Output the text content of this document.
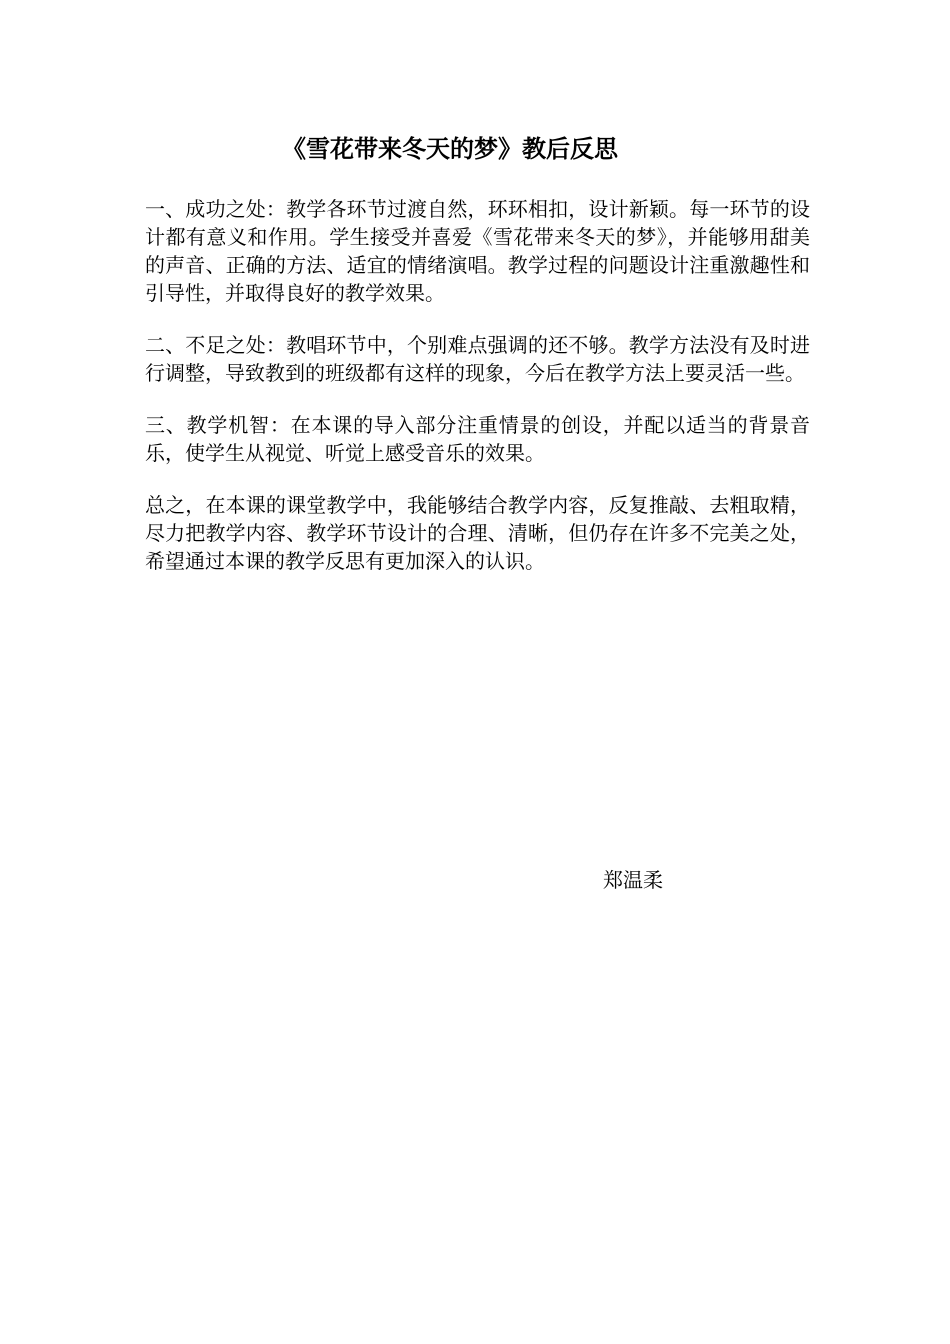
《雪花带来冬天的梦》教后反思

一、成功之处：教学各环节过渡自然，环环相扣，设计新颖。每一环节的设计都有意义和作用。学生接受并喜爱《雪花带来冬天的梦》，并能够用甜美的声音、正确的方法、适宜的情绪演唱。教学过程的问题设计注重激趣性和引导性，并取得良好的教学效果。

二、不足之处：教唱环节中，个别难点强调的还不够。教学方法没有及时进行调整，导致教到的班级都有这样的现象，今后在教学方法上要灵活一些。

三、教学机智：在本课的导入部分注重情景的创设，并配以适当的背景音乐，使学生从视觉、听觉上感受音乐的效果。

总之，在本课的课堂教学中，我能够结合教学内容，反复推敲、去粗取精，尽力把教学内容、教学环节设计的合理、清晰，但仍存在许多不完美之处，希望通过本课的教学反思有更加深入的认识。

郑温柔
